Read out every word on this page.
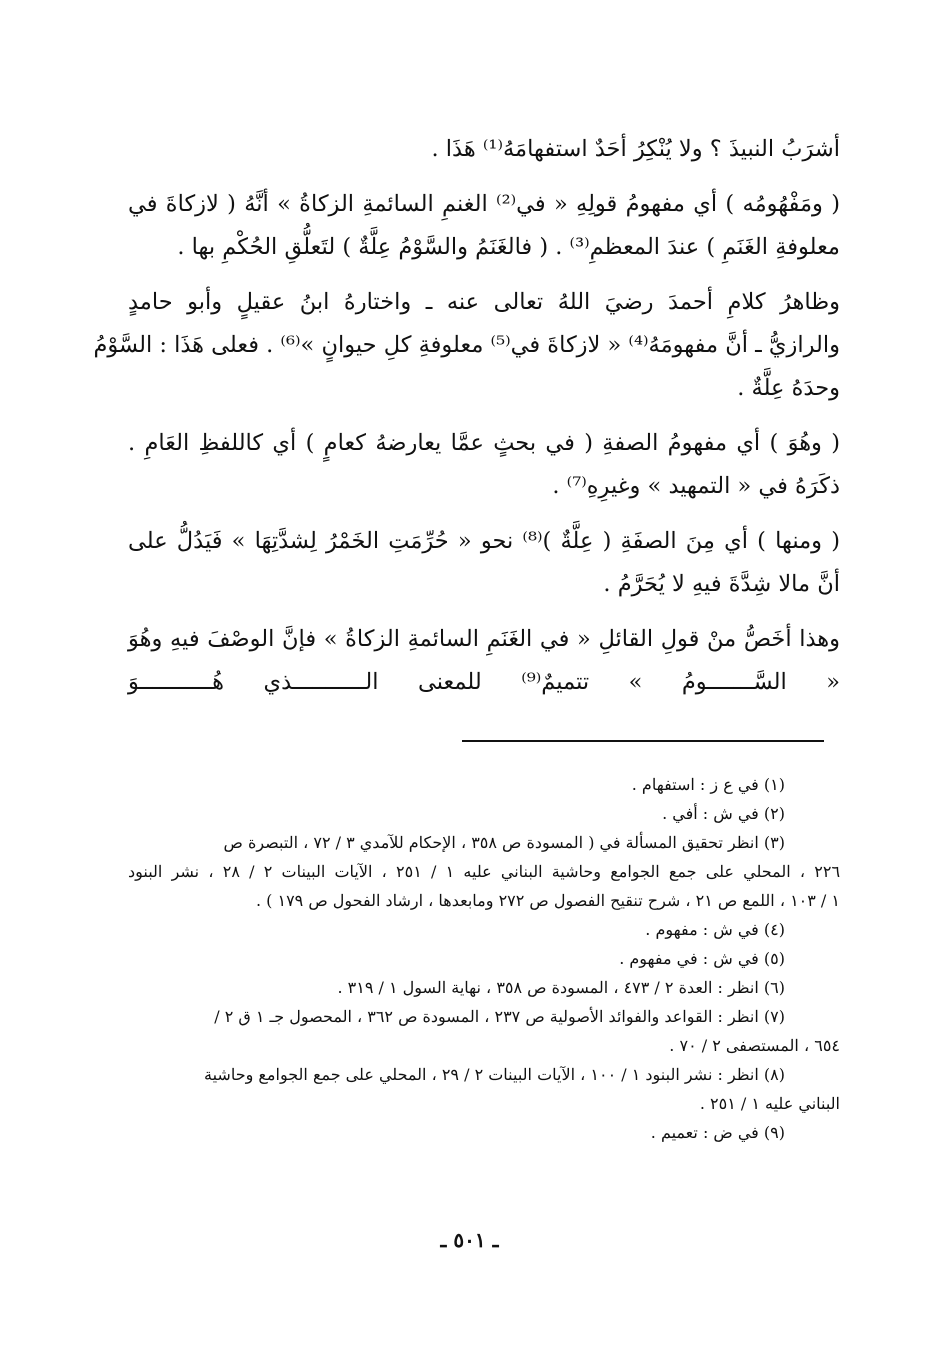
أشرَبُ النبيذَ ؟ ولا يُنْكِرُ أحَدٌ استفهامَهُ⁽¹⁾ هَذَا .
( ومَفْهُومُه ) أي مفهومُ قولِهِ « في⁽²⁾ الغنمِ السائمةِ الزكاةُ » أنَّهُ ( لازكاةَ في
معلوفةِ الغَنَمِ ) عندَ المعظمِ⁽³⁾ . ( فالغَنَمُ والسَّوْمُ عِلَّةٌ ) لتَعلُّقِ الحُكْمِ بها .
وظاهرُ كلامِ أحمدَ رضيَ اللهُ تعالى عنه ـ واختارهُ ابنُ عقيلٍ وأبو حامدٍ
والرازيُّ ـ أنَّ مفهومَهُ⁽⁴⁾ « لازكاةَ في⁽⁵⁾ معلوفةِ كلِ حيوانٍ »⁽⁶⁾ . فعلى هَذَا : السَّوْمُ
وحدَهُ عِلَّةٌ .
( وهُوَ ) أي مفهومُ الصفةِ ( في بحثٍ عمَّا يعارضهُ كعامٍ ) أي كاللفظِ العَامِ .
ذكَرَهُ في « التمهيد » وغيرِهِ⁽⁷⁾ .
( ومنها ) أي مِنَ الصفَةِ ( عِلَّةٌ )⁽⁸⁾ نحو « حُرِّمَتِ الخَمْرُ لِشدَّتِهَا » فَيَدُلُّ على
أنَّ مالا شِدَّةَ فيهِ لا يُحَرَّمُ .
وهذا أخَصُّ منْ قولِ القائلِ « في الغَنَمِ السائمةِ الزكاةُ » فإنَّ الوصْفَ فيهِ وهُوَ
« السَّـــــــومُ » تتميمٌ⁽⁹⁾ للمعنى الـــــــــــذي هُـــــــــــوَ
(١) في ع ز : استفهام .
(٢) في ش : أفي .
(٣) انظر تحقيق المسألة في ( المسودة ص ٣٥٨ ، الإحكام للآمدي ٣ / ٧٢ ، التبصرة ص
٢٢٦ ، المحلي على جمع الجوامع وحاشية البناني عليه ١ / ٢٥١ ، الآيات البينات ٢ / ٢٨ ، نشر البنود
١ / ١٠٣ ، اللمع ص ٢١ ، شرح تنقيح الفصول ص ٢٧٢ ومابعدها ، ارشاد الفحول ص ١٧٩ ) .
(٤) في ش : مفهوم .
(٥) في ش : في مفهوم .
(٦) انظر : العدة ٢ / ٤٧٣ ، المسودة ص ٣٥٨ ، نهاية السول ١ / ٣١٩ .
(٧) انظر : القواعد والفوائد الأصولية ص ٢٣٧ ، المسودة ص ٣٦٢ ، المحصول جـ ١ ق ٢ /
٦٥٤ ، المستصفى ٢ / ٧٠ .
(٨) انظر : نشر البنود ١ / ١٠٠ ، الآيات البينات ٢ / ٢٩ ، المحلي على جمع الجوامع وحاشية
البناني عليه ١ / ٢٥١ .
(٩) في ض : تعميم .
ـ ٥٠١ ـ
